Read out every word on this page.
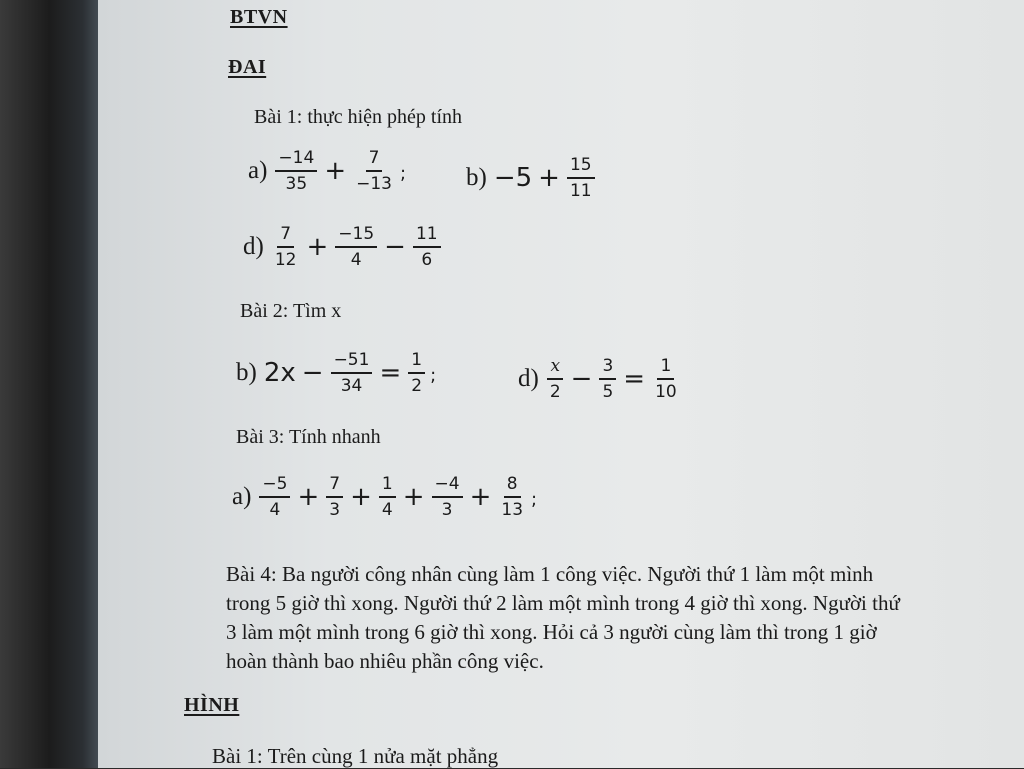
BTVN
ĐAI
Bài 1: thực hiện phép tính
$a) \frac{-14}{35} + \frac{7}{-13}$ ; $b) -5 + \frac{15}{11}$
$d) \frac{7}{12} + \frac{-15}{4} - \frac{11}{6}$
Bài 2: Tìm x
b) $2x - \frac{-51}{34} = \frac{1}{2}$ ;	$d) \frac{x}{2} - \frac{3}{5} = \frac{1}{10}$
Bài 3: Tính nhanh
$a) \frac{-5}{4} + \frac{7}{3} + \frac{1}{4} + \frac{-4}{3} + \frac{8}{13}$ ;
Bài 4: Ba người công nhân cùng làm 1 công việc. Người thứ 1 làm một mình
trong 5 giờ thì xong. Người thứ 2 làm một mình trong 4 giờ thì xong. Người thứ
3 làm một mình trong 6 giờ thì xong. Hỏi cả 3 người cùng làm thì trong 1 giờ
hoàn thành bao nhiêu phần công việc.
HÌNH
Bài 1: Trên cùng 1 nửa mặt phẳng
